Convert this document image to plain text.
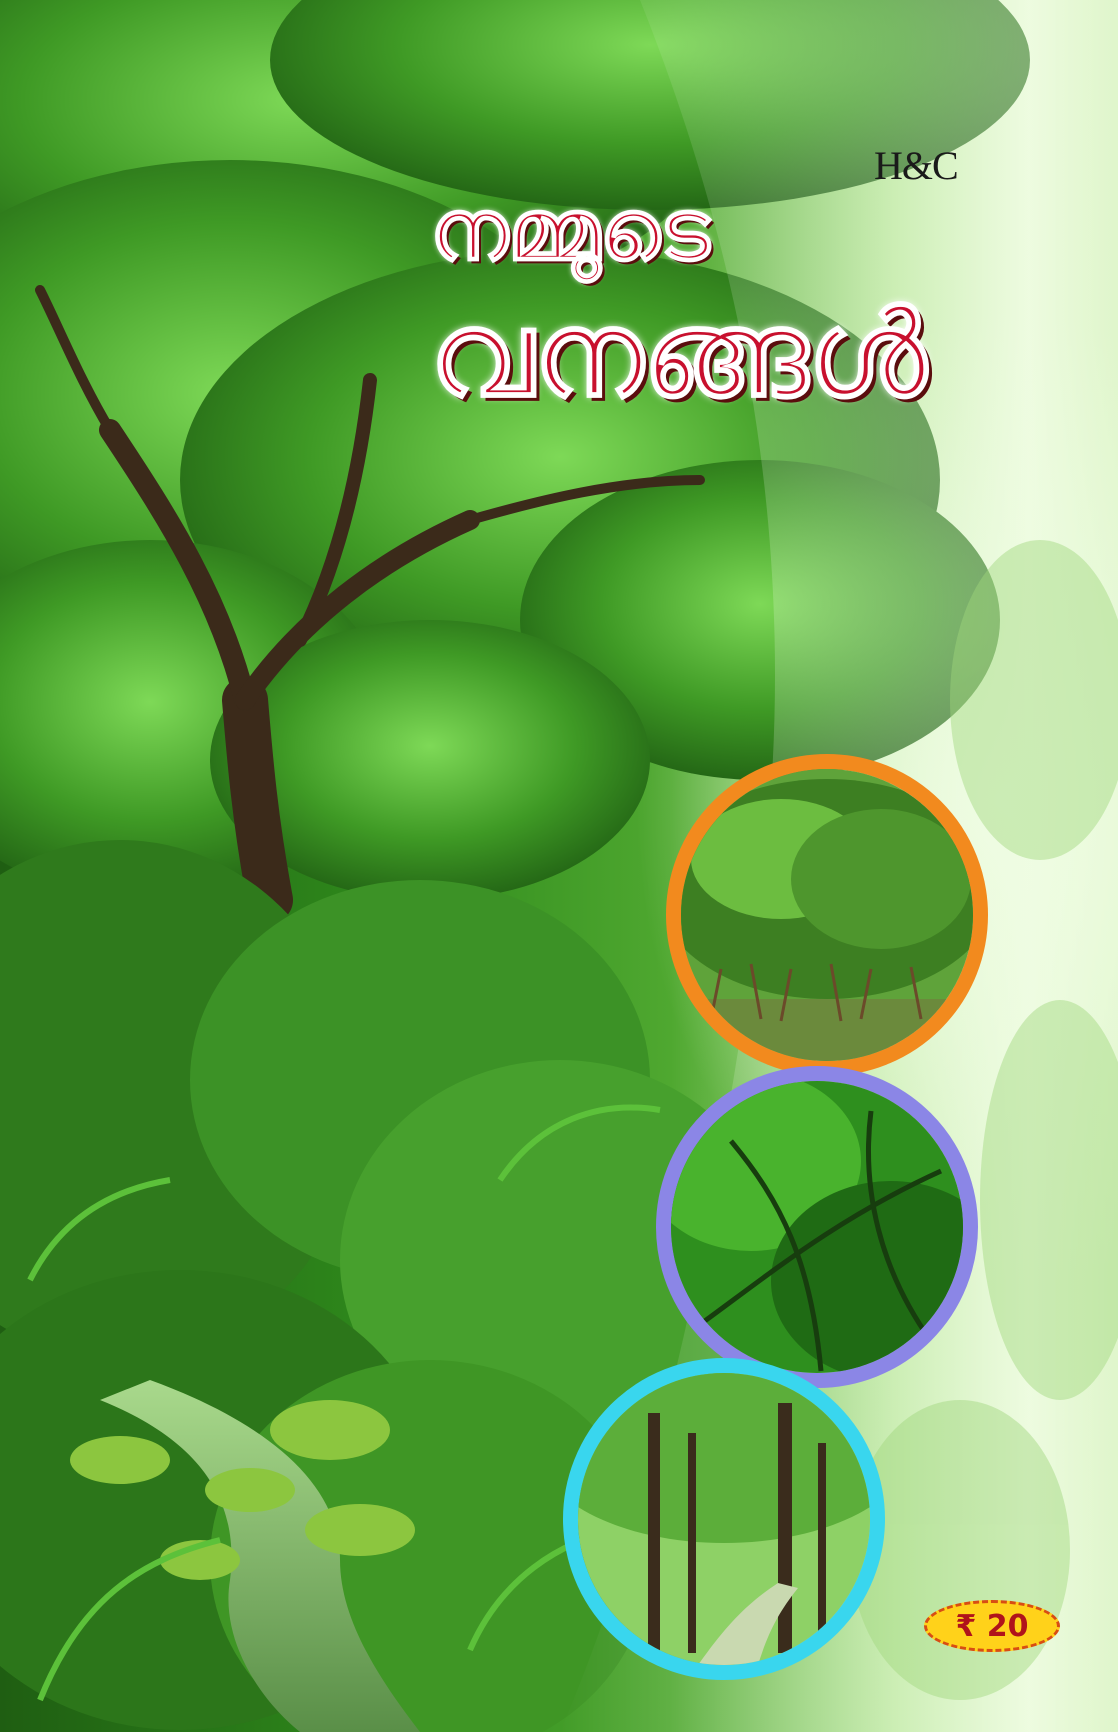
H&C
നമ്മുടെ
വനങ്ങൾ
₹ 20
